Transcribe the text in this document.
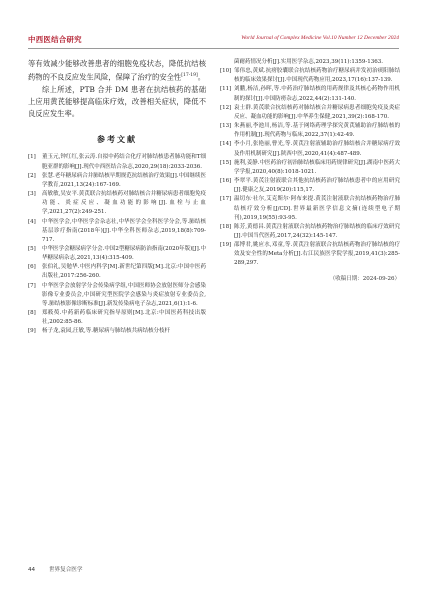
中西医结合研究	World Journal of Complex Medicine Vol.10 Number 12 December 2024

等有效减少能够改善患者的细胞免疫状态，降低抗结核药物的不良反应发生风险，保障了治疗的安全性[17-19]。

综上所述，PTB 合并 DM 患者在抗结核药的基础上应用黄芪能够提高临床疗效，改善相关症状，降低不良反应发生率。

参考文献
[1]	董玉元,钟红红,张云涛.自拟中药结合化疗对肺结核患者肺功能和T细胞亚群的影响[J].现代中西医结合杂志,2020,29(18):2033-2036.
[2]	张慧.老年糖尿病合并肺结核早期规范抗结核治疗效果[J].中国继续医学教育,2021,13(24):167-169.
[3]	高敏敏,吴安平.黄芪联合抗结核药对肺结核合并糖尿病患者细胞免疫功能、炎症反应、凝血功能的影响[J].血栓与止血学,2021,27(2):249-251.
[4]	中华医学会,中华医学会杂志社,中华医学会全科医学分会,等.肺结核基层诊疗指南(2018年)[J].中华全科医师杂志,2019,18(8):709-717.
[5]	中华医学会糖尿病学分会.中国2型糖尿病防治指南(2020年版)[J].中华糖尿病杂志,2021,13(4):315-409.
[6]	张伯礼,吴勉华.中医内科学[M].新世纪第四版[M].北京:中国中医药出版社,2017:256-260.
[7]	中华医学会放射学分会传染病学组,中国医师协会放射医师分会感染影像专业委员会,中国研究型医院学会感染与炎症放射专业委员会,等.肺结核影像诊断标准[J].新发传染病电子杂志,2021,6(1):1-6.
[8]	郑筱萸.中药新药临床研究指导原则[M].北京:中国医药科技出版社,2002:85-86.
[9]	杨子龙,袁园,汪敏,等.糖尿病与肺结核共病结核分枝杆
菌耐药情况分析[J].实用医学杂志,2023,39(11):1359-1363.
[10] 邹伟忠,黄斌.抗痨胶囊联合抗结核药物治疗糖尿病并发初治痰阳肺结核的临床效果探讨[J].中国现代药物应用,2023,17(16):137-139.
[11] 刘鹏,杨洁,孙晖,等.中药治疗肺结核的用药规律及其核心药物作用机制的探讨[J].中国防痨杂志,2022,44(2):131-140.
[12] 袁士群.黄芪联合抗结核药对肺结核合并糖尿病患者细胞免疫及炎症反应、凝血功能的影响[J].中华养生保健,2021,39(2):168-170.
[13] 朱燕丽,李池川,杨洁,等.基于网络药理学探究黄芪辅助治疗肺结核的作用机制[J].现代药物与临床,2022,37(1):42-49.
[14] 李小月,张艳丽,曹光,等.黄芪注射液辅助治疗肺结核合并糖尿病疗效及作用机制研究[J].陕西中医,2020,41(4):487-489.
[15] 施利,姜静.中医药治疗初治肺结核临床用药规律研究[J].湖南中医药大学学报,2020,40(8):1018-1021.
[16] 李翠平.黄芪注射液联合其他抗结核药治疗肺结核患者中的应用研究[J].健康之友,2019(20):115,17.
[17] 温切东·社尔,艾克斯尔·阿布来提.黄芪注射液联合抗结核药物治疗肺结核疗效分析[J/CD].世界最新医学信息文摘(连续型电子期刊),2019,19(55):93-95.
[18] 陈芳,黄德昌.黄芪注射液联合抗结核药物治疗肺结核的临床疗效研究[J].中国当代医药,2017,24(32):145-147.
[19] 邵博君,姚应水,邓童,等.黄芪注射液联合抗结核药物治疗肺结核的疗效及安全性的Meta分析[J].右江民族医学院学报,2019,41(3):285-289,297.
（收稿日期：2024-09-26）
44 世界复合医学
